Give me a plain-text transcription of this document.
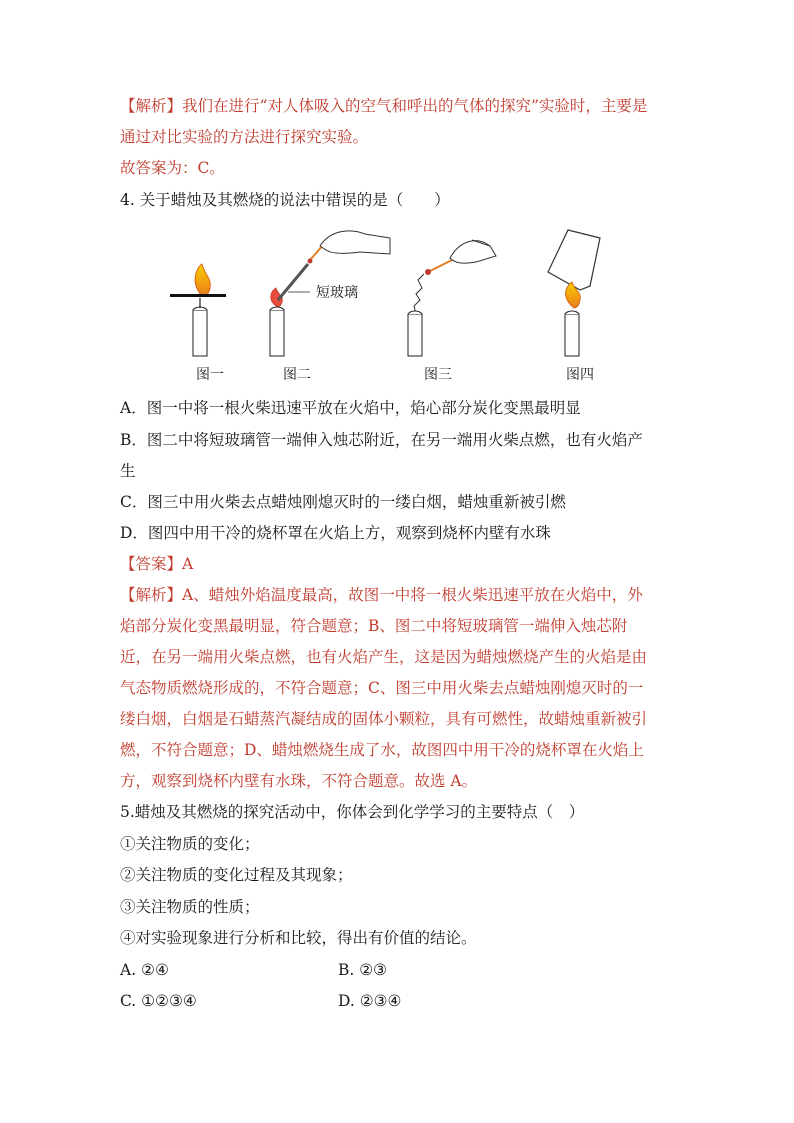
【解析】我们在进行“对人体吸入的空气和呼出的气体的探究”实验时，主要是
通过对比实验的方法进行探究实验。
故答案为：C。
4. 关于蜡烛及其燃烧的说法中错误的是（　　）
短玻璃
图一	图二	图三	图四
A．图一中将一根火柴迅速平放在火焰中，焰心部分炭化变黑最明显
B．图二中将短玻璃管一端伸入烛芯附近，在另一端用火柴点燃，也有火焰产
生
C．图三中用火柴去点蜡烛刚熄灭时的一缕白烟，蜡烛重新被引燃
D．图四中用干冷的烧杯罩在火焰上方，观察到烧杯内壁有水珠
【答案】A
【解析】A、蜡烛外焰温度最高，故图一中将一根火柴迅速平放在火焰中，外
焰部分炭化变黑最明显，符合题意；B、图二中将短玻璃管一端伸入烛芯附
近，在另一端用火柴点燃，也有火焰产生，这是因为蜡烛燃烧产生的火焰是由
气态物质燃烧形成的，不符合题意；C、图三中用火柴去点蜡烛刚熄灭时的一
缕白烟，白烟是石蜡蒸汽凝结成的固体小颗粒，具有可燃性，故蜡烛重新被引
燃，不符合题意；D、蜡烛燃烧生成了水，故图四中用干冷的烧杯罩在火焰上
方，观察到烧杯内壁有水珠，不符合题意。故选 A。
5.蜡烛及其燃烧的探究活动中，你体会到化学学习的主要特点（　）
①关注物质的变化；
②关注物质的变化过程及其现象；
③关注物质的性质；
④对实验现象进行分析和比较，得出有价值的结论。
A. ②④	B. ②③
C. ①②③④	D. ②③④
